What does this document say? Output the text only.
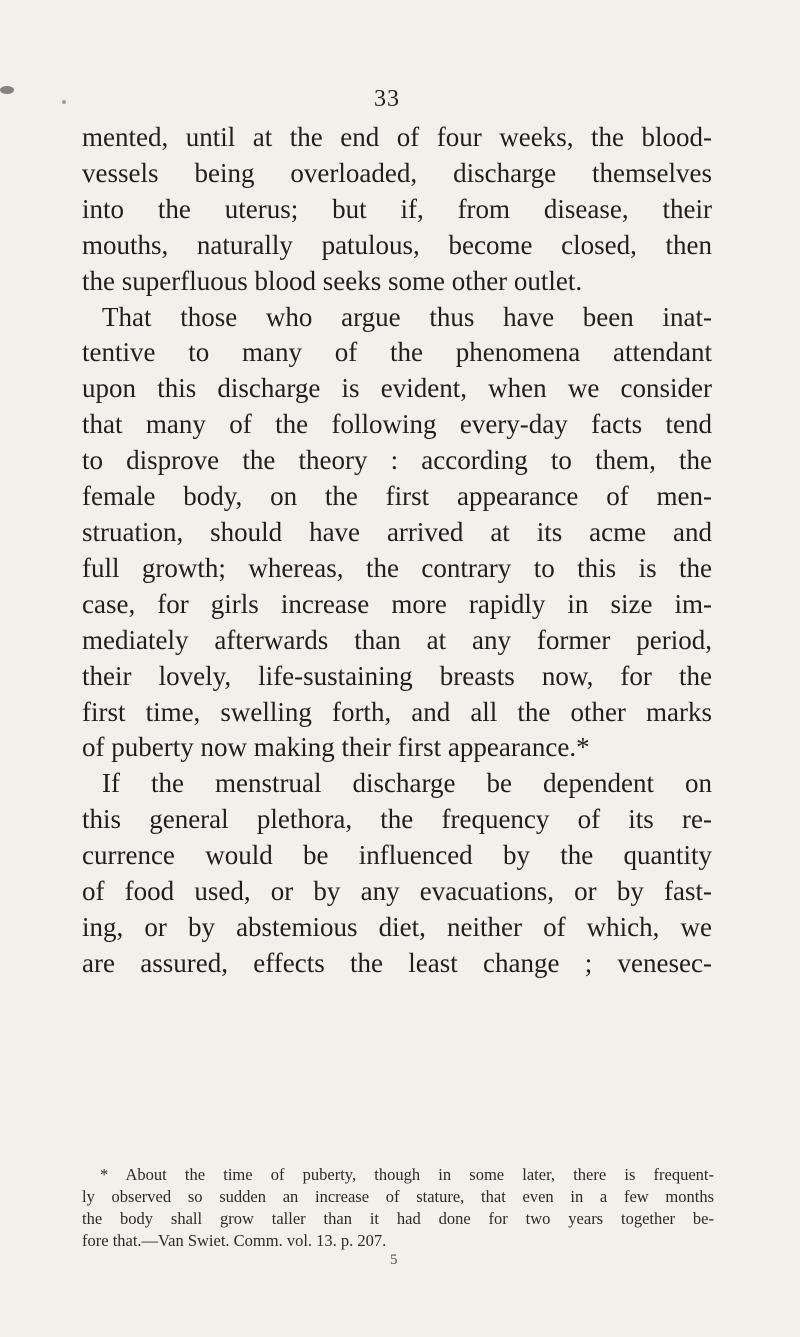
33
mented, until at the end of four weeks, the blood-
vessels being overloaded, discharge themselves
into the uterus; but if, from disease, their
mouths, naturally patulous, become closed, then
the superfluous blood seeks some other outlet.
That those who argue thus have been inat-
tentive to many of the phenomena attendant
upon this discharge is evident, when we consider
that many of the following every-day facts tend
to disprove the theory : according to them, the
female body, on the first appearance of men-
struation, should have arrived at its acme and
full growth; whereas, the contrary to this is the
case, for girls increase more rapidly in size im-
mediately afterwards than at any former period,
their lovely, life-sustaining breasts now, for the
first time, swelling forth, and all the other marks
of puberty now making their first appearance.*
If the menstrual discharge be dependent on
this general plethora, the frequency of its re-
currence would be influenced by the quantity
of food used, or by any evacuations, or by fast-
ing, or by abstemious diet, neither of which, we
are assured, effects the least change ; venesec-
* About the time of puberty, though in some later, there is frequent-
ly observed so sudden an increase of stature, that even in a few months
the body shall grow taller than it had done for two years together be-
fore that.—Van Swiet. Comm. vol. 13. p. 207.
5
